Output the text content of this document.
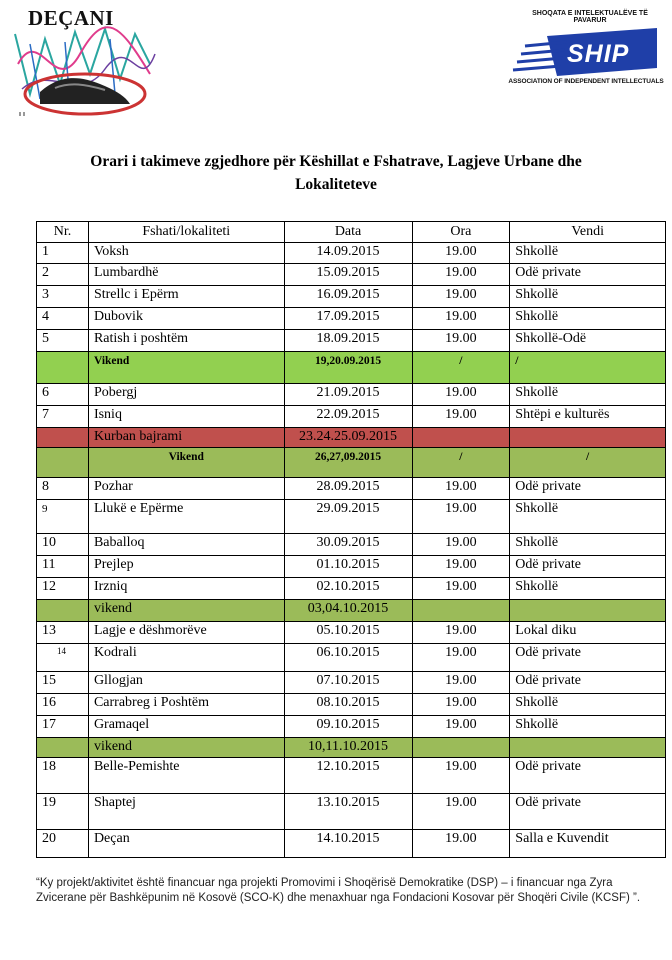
DEÇANI	SHOQATA E INTELEKTUALËVE TË PAVARUR
SHIP
ASSOCIATION OF INDEPENDENT INTELLECTUALS
Orari i takimeve zgjedhore për Këshillat e Fshatrave, Lagjeve Urbane dhe
Lokaliteteve
Nr.	Fshati/lokaliteti	Data	Ora	Vendi
1	Voksh	14.09.2015	19.00	Shkollë
2	Lumbardhë	15.09.2015	19.00	Odë private
3	Strellc i Epërm	16.09.2015	19.00	Shkollë
4	Dubovik	17.09.2015	19.00	Shkollë
5	Ratish i poshtëm	18.09.2015	19.00	Shkollë-Odë
	Vikend	19,20.09.2015	/	/
6	Pobergj	21.09.2015	19.00	Shkollë
7	Isniq	22.09.2015	19.00	Shtëpi e kulturës
	Kurban bajrami	23.24.25.09.2015		
	Vikend	26,27,09.2015	/	/
8	Pozhar	28.09.2015	19.00	Odë private
9	Llukë e Epërme	29.09.2015	19.00	Shkollë
10	Baballoq	30.09.2015	19.00	Shkollë
11	Prejlep	01.10.2015	19.00	Odë private
12	Irzniq	02.10.2015	19.00	Shkollë
	vikend	03,04.10.2015		
13	Lagje e dëshmorëve	05.10.2015	19.00	Lokal diku
14	Kodrali	06.10.2015	19.00	Odë private
15	Gllogjan	07.10.2015	19.00	Odë private
16	Carrabreg i Poshtëm	08.10.2015	19.00	Shkollë
17	Gramaqel	09.10.2015	19.00	Shkollë
	vikend	10,11.10.2015		
18	Belle-Pemishte	12.10.2015	19.00	Odë private
19	Shaptej	13.10.2015	19.00	Odë private
20	Deçan	14.10.2015	19.00	Salla e Kuvendit
“Ky projekt/aktivitet është financuar nga projekti Promovimi i Shoqërisë Demokratike (DSP) – i financuar nga Zyra Zvicerane për Bashkëpunim në Kosovë (SCO-K) dhe menaxhuar nga Fondacioni Kosovar për Shoqëri Civile (KCSF) ”.
